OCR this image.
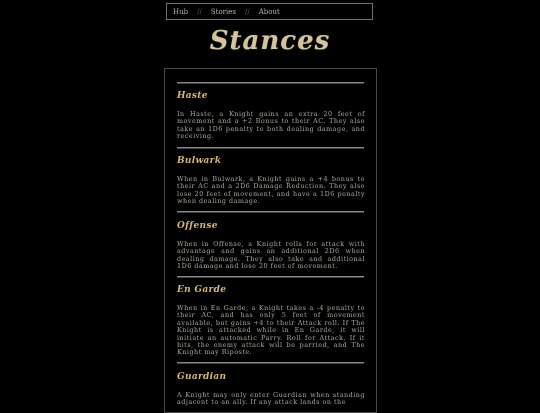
Hub // Stories // About
Stances
Haste
In Haste, a Knight gains an extra 20 feet of movement and a +2 Bonus to their AC. They also take an 1D6 penalty to both dealing damage, and receiving.
Bulwark
When in Bulwark, a Knight gains a +4 bonus to their AC and a 2D6 Damage Reduction. They also lose 20 feet of movement, and have a 1D6 penalty when dealing damage.
Offense
When in Offense, a Knight rolls for attack with advantage and gains an additional 2D6 when dealing damage. They also take and additional 1D6 damage and lose 20 feet of movement.
En Garde
When in En Garde, a Knight takes a -4 penalty to their AC, and has only 5 feet of movement available, but gains +4 to their Attack roll. If The Knight is attacked while in En Garde, it will initiate an automatic Parry. Roll for Attack. If it hits, the enemy attack will be parried, and The Knight may Riposte.
Guardian
A Knight may only enter Guardian when standing adjacent to an ally. If any attack lands on the
